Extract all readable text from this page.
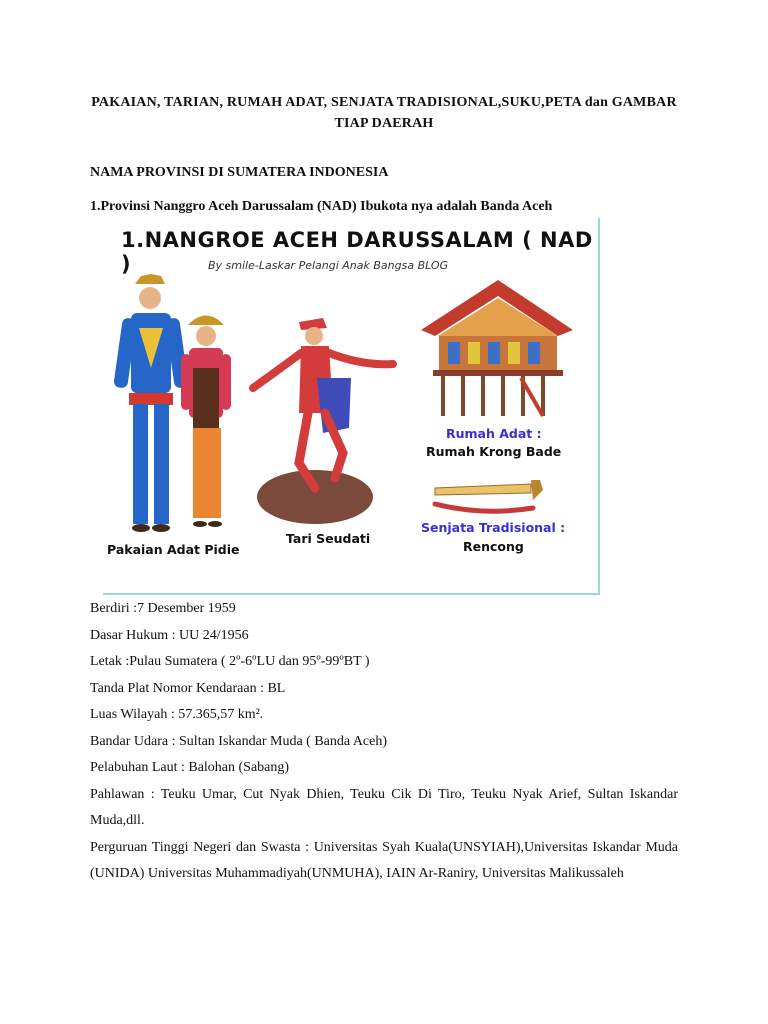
PAKAIAN, TARIAN, RUMAH ADAT, SENJATA TRADISIONAL,SUKU,PETA dan GAMBAR TIAP DAERAH
NAMA PROVINSI DI SUMATERA INDONESIA
1.Provinsi Nanggro Aceh Darussalam (NAD) Ibukota nya adalah Banda Aceh
1.NANGROE ACEH DARUSSALAM ( NAD )	By smile-Laskar Pelangi Anak Bangsa BLOG
Pakaian Adat Pidie
Tari Seudati
Rumah Adat :
Rumah Krong Bade
Senjata Tradisional :
Rencong

Berdiri :7 Desember 1959

Dasar Hukum : UU 24/1956

Letak :Pulau Sumatera ( 2º-6ºLU dan 95º-99ºBT )

Tanda Plat Nomor Kendaraan : BL

Luas Wilayah : 57.365,57 km².

Bandar Udara : Sultan Iskandar Muda ( Banda Aceh)

Pelabuhan Laut : Balohan (Sabang)

Pahlawan : Teuku Umar, Cut Nyak Dhien, Teuku Cik Di Tiro, Teuku Nyak Arief, Sultan Iskandar Muda,dll.

Perguruan Tinggi Negeri dan Swasta : Universitas Syah Kuala(UNSYIAH),Universitas Iskandar Muda (UNIDA) Universitas Muhammadiyah(UNMUHA), IAIN Ar-Raniry, Universitas Malikussaleh
